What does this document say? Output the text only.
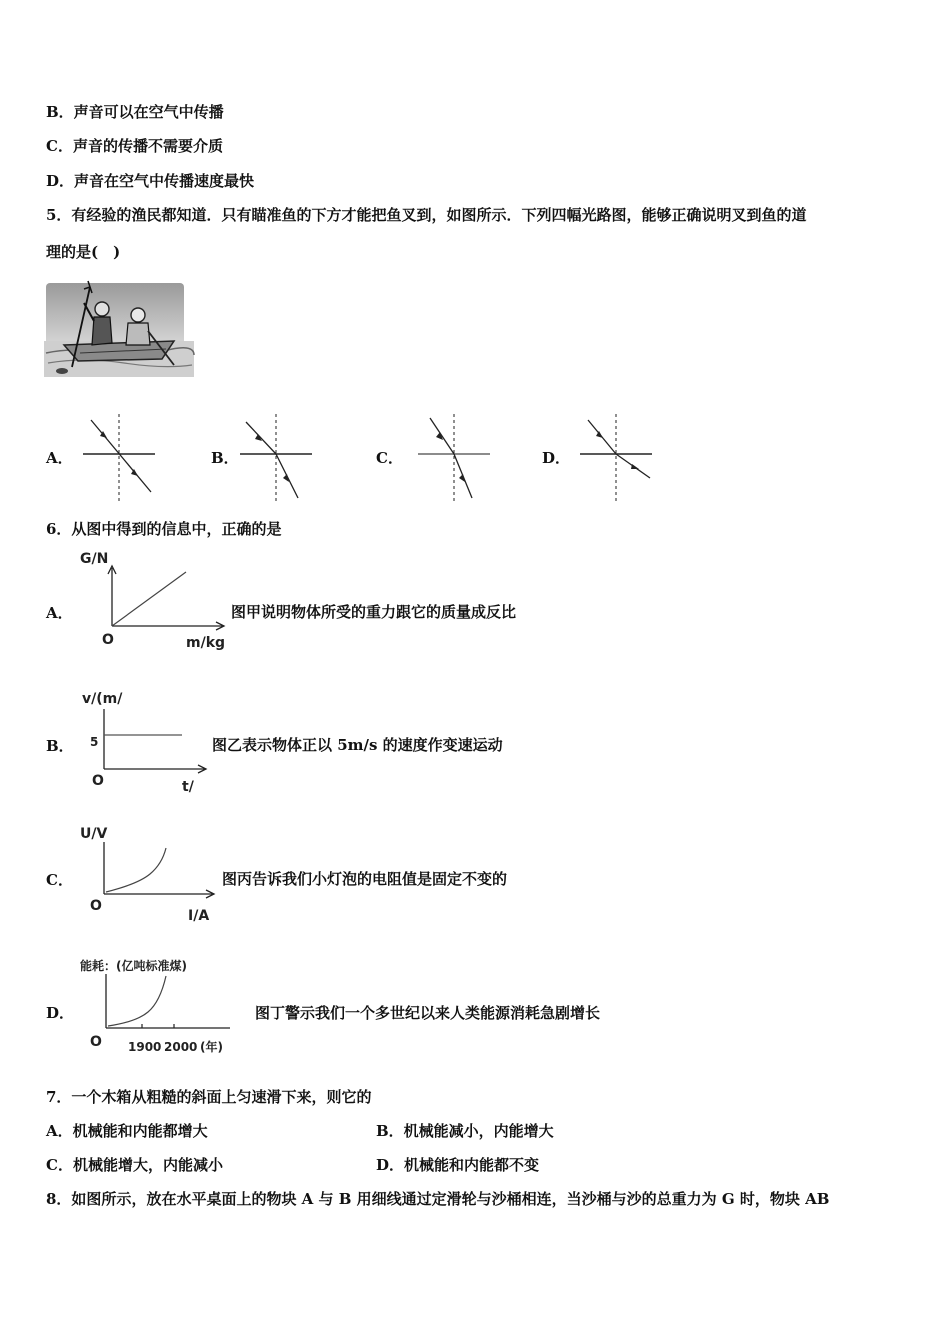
B．声音可以在空气中传播
C．声音的传播不需要介质
D．声音在空气中传播速度最快
5．有经验的渔民都知道．只有瞄准鱼的下方才能把鱼叉到，如图所示．下列四幅光路图，能够正确说明叉到鱼的道
理的是(　)
A．	B．	C．	D．
6．从图中得到的信息中，正确的是
A．
G/N
O	m/kg
图甲说明物体所受的重力跟它的质量成反比
B．
v/(m/
5
O	t/
图乙表示物体正以 5m/s 的速度作变速运动
C．
U/V
O
I/A
图丙告诉我们小灯泡的电阻值是固定不变的
D．
能耗：(亿吨标准煤)
O 1900 2000 (年)
图丁警示我们一个多世纪以来人类能源消耗急剧增长
7．一个木箱从粗糙的斜面上匀速滑下来，则它的
A．机械能和内能都增大	B．机械能减小，内能增大
C．机械能增大，内能减小	D．机械能和内能都不变
8．如图所示，放在水平桌面上的物块 A 与 B 用细线通过定滑轮与沙桶相连，当沙桶与沙的总重力为 G 时，物块 AB
